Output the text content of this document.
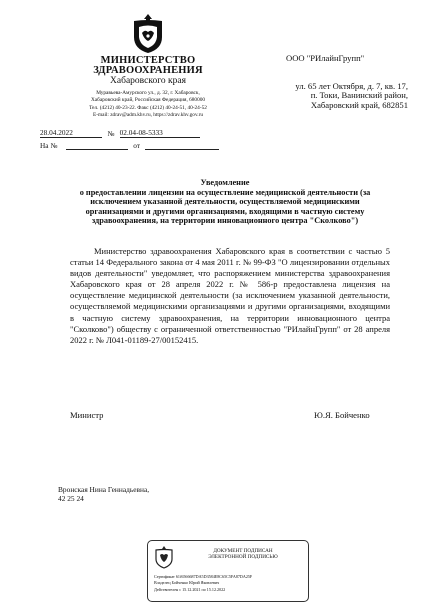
МИНИСТЕРСТВО
ЗДРАВООХРАНЕНИЯ
Хабаровского края
Муравьева-Амурского ул., д. 32, г. Хабаровск,
Хабаровский край, Российская Федерация, 680000
Тел. (4212) 40-23-22. Факс (4212) 40-24-51, 40-24-52
E-mail: zdrav@adm.khv.ru, https://zdrav.khv.gov.ru
28.04.2022	№ 02.04-08-5333
На №	от
ООО "РИлайнГрупп"
ул. 65 лет Октября, д. 7, кв. 17,
п. Токи, Ванинский район,
Хабаровский край, 682851
Уведомление
о предоставлении лицензии на осуществление медицинской деятельности (за исключением указанной деятельности, осуществляемой медицинскими организациями и другими организациями, входящими в частную систему здравоохранения, на территории инновационного центра "Сколково")
Министерство здравоохранения Хабаровского края в соответствии с частью 5 статьи 14 Федерального закона от 4 мая 2011 г. № 99-ФЗ "О лицензировании отдельных видов деятельности" уведомляет, что распоряжением министерства здравоохранения Хабаровского края от 28 апреля 2022 г. № 586-р предоставлена лицензия на осуществление медицинской деятельности (за исключением указанной деятельности, осуществляемой медицинскими организациями и другими организациями, входящими в частную систему здравоохранения, на территории инновационного центра "Сколково") обществу с ограниченной ответственностью "РИлайнГрупп" от 28 апреля 2022 г. № Л041-01189-27/00152415.
Министр	Ю.Я. Бойченко
Вронская Нина Геннадьевна,
42 25 24
ДОКУМЕНТ ПОДПИСАН
ЭЛЕКТРОННОЙ ПОДПИСЬЮ
Сертификат 61f6566687DA5D3584E8C65C5FA87DA25F
Владелец Бойченко Юрий Яковлевич
Действителен с 15.12.2021 по 15.12.2022
